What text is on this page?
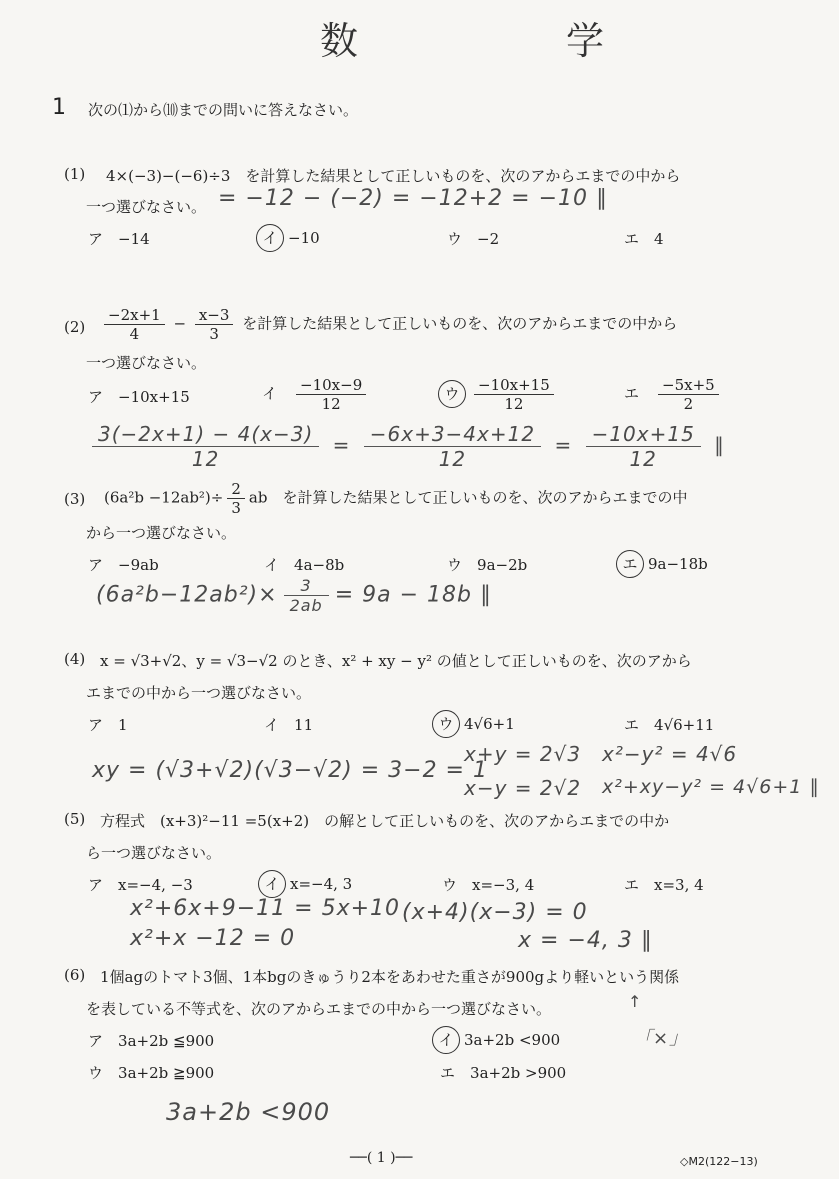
数　学
1 次の⑴から⑽までの問いに答えなさい。
(1) 4×(−3)−(−6)÷3　を計算した結果として正しいものを、次のアからエまでの中から
一つ選びなさい。 = −12 − (−2) = −12+2 = −10 ∥
ア　 −14	イ −10	ウ　 −2	エ　 4
$(2) \frac{-2x+1}{4} - \frac{x-3}{3}$ を計算した結果として正しいものを、次のアからエまでの中から
一つ選びなさい。
ア　 −10x+15	イ　 $\frac{-10x-9}{12}$	ウ $\frac{-10x+15}{12}$	エ　 $\frac{-5x+5}{2}$
$\frac{3(-2x+1) - 4(x-3)}{12} = \frac{-6x+3-4x+12}{12} = \frac{-10x+15}{12}$ ∥
(3) $(6a^2b -12ab^2)\div \frac{2}{3}$ ab　を計算した結果として正しいものを、次のアからエまでの中
から一つ選びなさい。
ア　 −9ab	イ　 4a−8b	ウ　 9a−2b	エ 9a−18b
$(6a^2b-12ab^2)\times \frac{3}{2ab} = 9a - 18b$ ∥
(4) x = √3+√2、y = √3−√2 のとき、x² + xy − y² の値として正しいものを、次のアから
エまでの中から一つ選びなさい。
ア　 1	イ　 11	ウ 4√6+1	エ　 4√6+11
xy = (√3+√2)(√3−√2) = 3−2 = 1
x+y = 2√3
x−y = 2√2
x²−y² = 4√6
x²+xy−y² = 4√6+1 ∥
(5) 方程式　(x+3)²−11 =5(x+2)　の解として正しいものを、次のアからエまでの中か
ら一つ選びなさい。
ア　 x=−4, −3	イ x=−4, 3	ウ　 x=−3, 4	エ　 x=3, 4
x²+6x+9−11 = 5x+10
x²+x −12 = 0
(x+4)(x−3) = 0
x = −4, 3 ∥
(6) 1個agのトマト3個、1本bgのきゅうり2本をあわせた重さが900gより軽いという関係
を表している不等式を、次のアからエまでの中から一つ選びなさい。	↑
「×」
ア　 3a+2b ≦900	イ 3a+2b <900
ウ　 3a+2b ≧900	エ　 3a+2b >900
3a+2b <900
──( 1 )──	◇M2(122−13)
